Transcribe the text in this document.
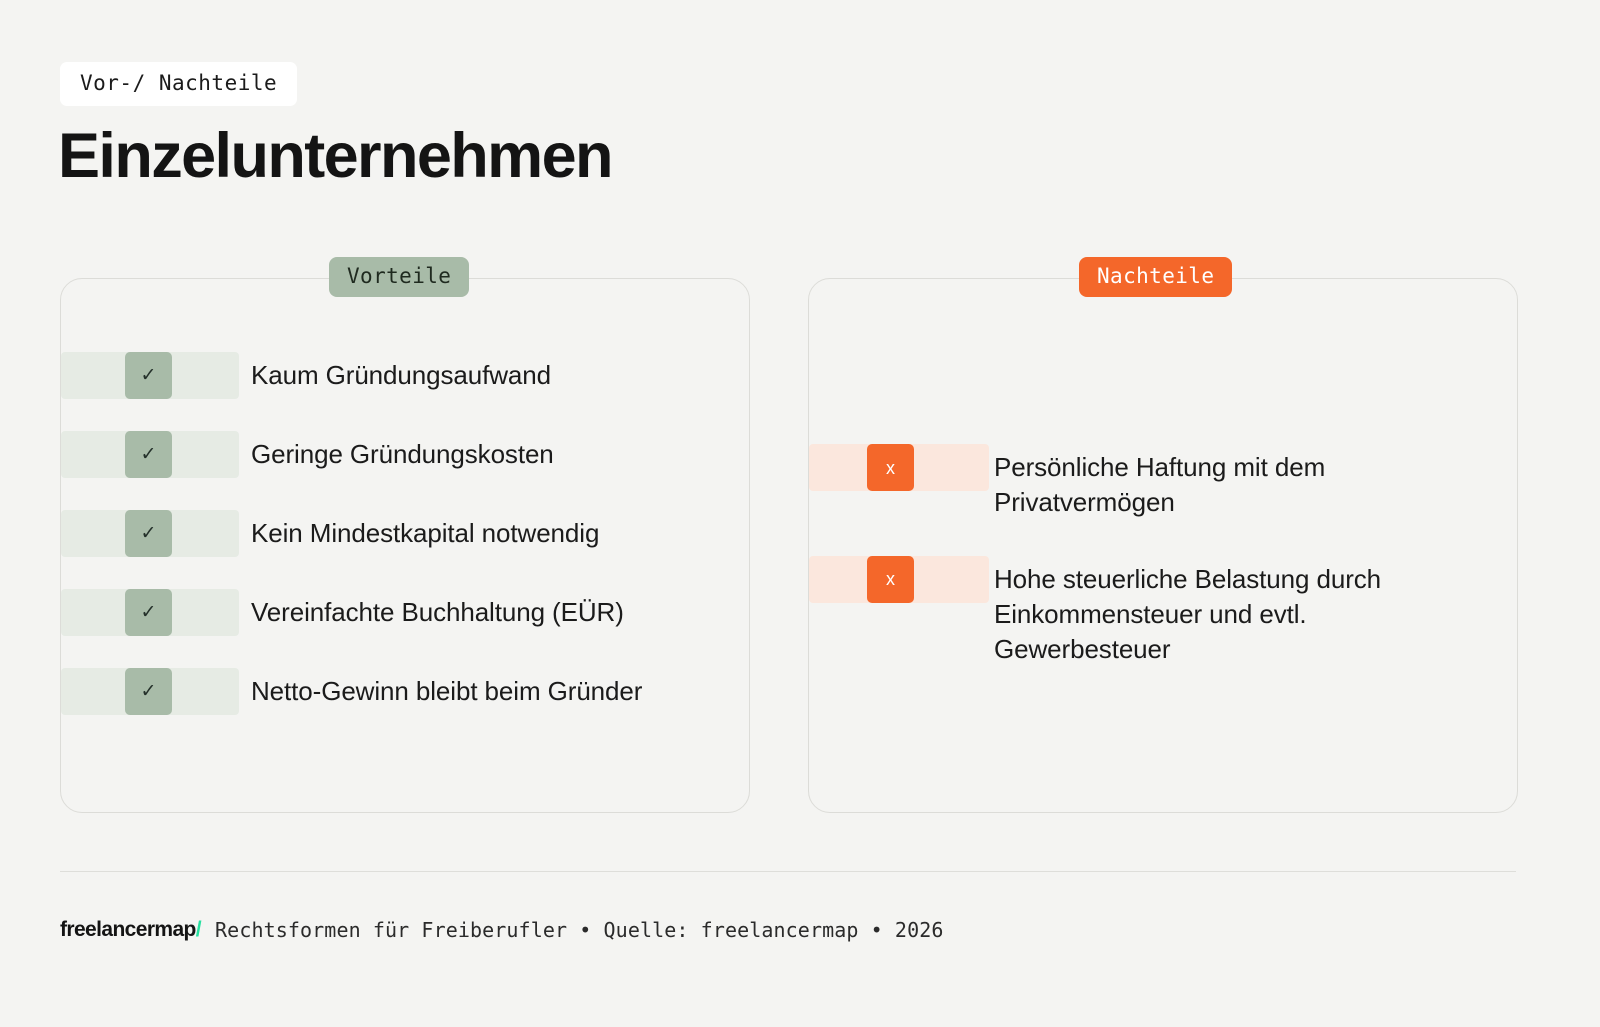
Vor-/ Nachteile
Einzelunternehmen
Vorteile
✓	Kaum Gründungsaufwand
✓	Geringe Gründungskosten
✓	Kein Mindestkapital notwendig
✓	Vereinfachte Buchhaltung (EÜR)
✓	Netto-Gewinn bleibt beim Gründer
Nachteile
x	Persönliche Haftung mit dem Privatvermögen
x	Hohe steuerliche Belastung durch Einkommensteuer und evtl. Gewerbesteuer
freelancermap/ Rechtsformen für Freiberufler • Quelle: freelancermap • 2026
